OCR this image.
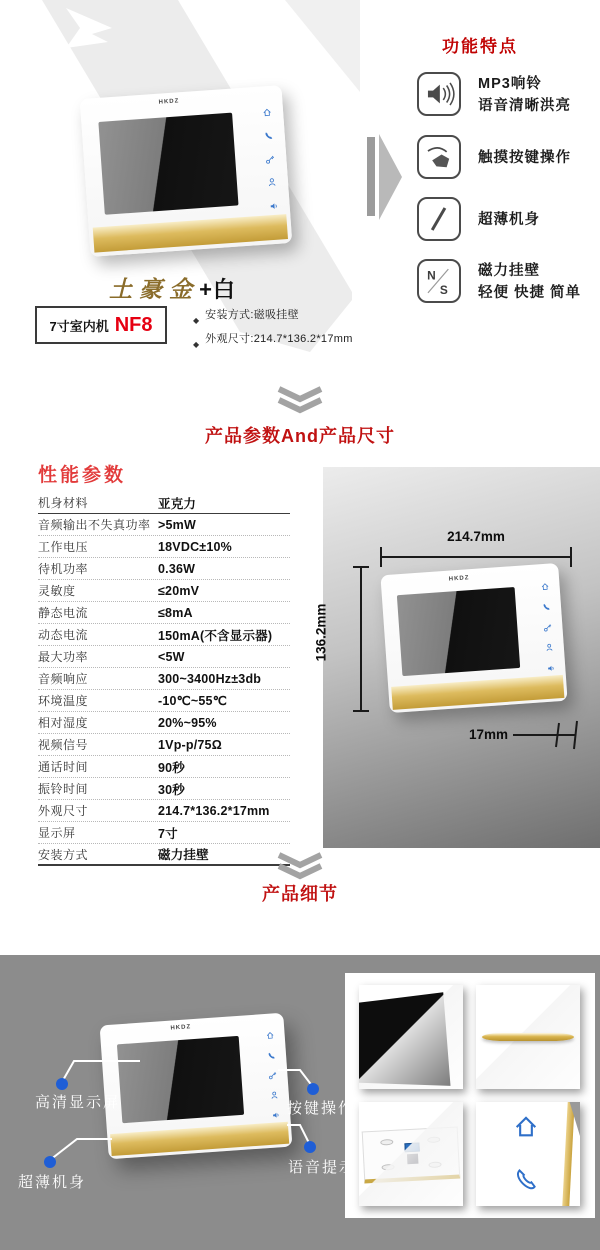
HKDZ
土豪金+白
7寸室内机 NF8	◆ 安装方式:磁吸挂壁
◆ 外观尺寸:214.7*136.2*17mm
功能特点
MP3响铃
语音清晰洪亮
触摸按键操作
超薄机身
N
S
磁力挂壁
轻便 快捷 简单
产品参数And产品尺寸
性能参数
机身材料	亚克力
音频输出不失真功率 >5mW
工作电压	18VDC±10%
待机功率	0.36W
灵敏度	≤20mV
静态电流	≤8mA
动态电流	150mA(不含显示器)
最大功率	<5W
音频响应	300~3400Hz±3db
环境温度	-10℃~55℃
相对湿度	20%~95%
视频信号	1Vp-p/75Ω
通话时间	90秒
振铃时间	30秒
外观尺寸	214.7*136.2*17mm
显示屏	7寸
安装方式	磁力挂壁
214.7mm
136.2mm
17mm
HKDZ
产品细节
HKDZ
高清显示屏	按键操作
超薄机身
语音提示
